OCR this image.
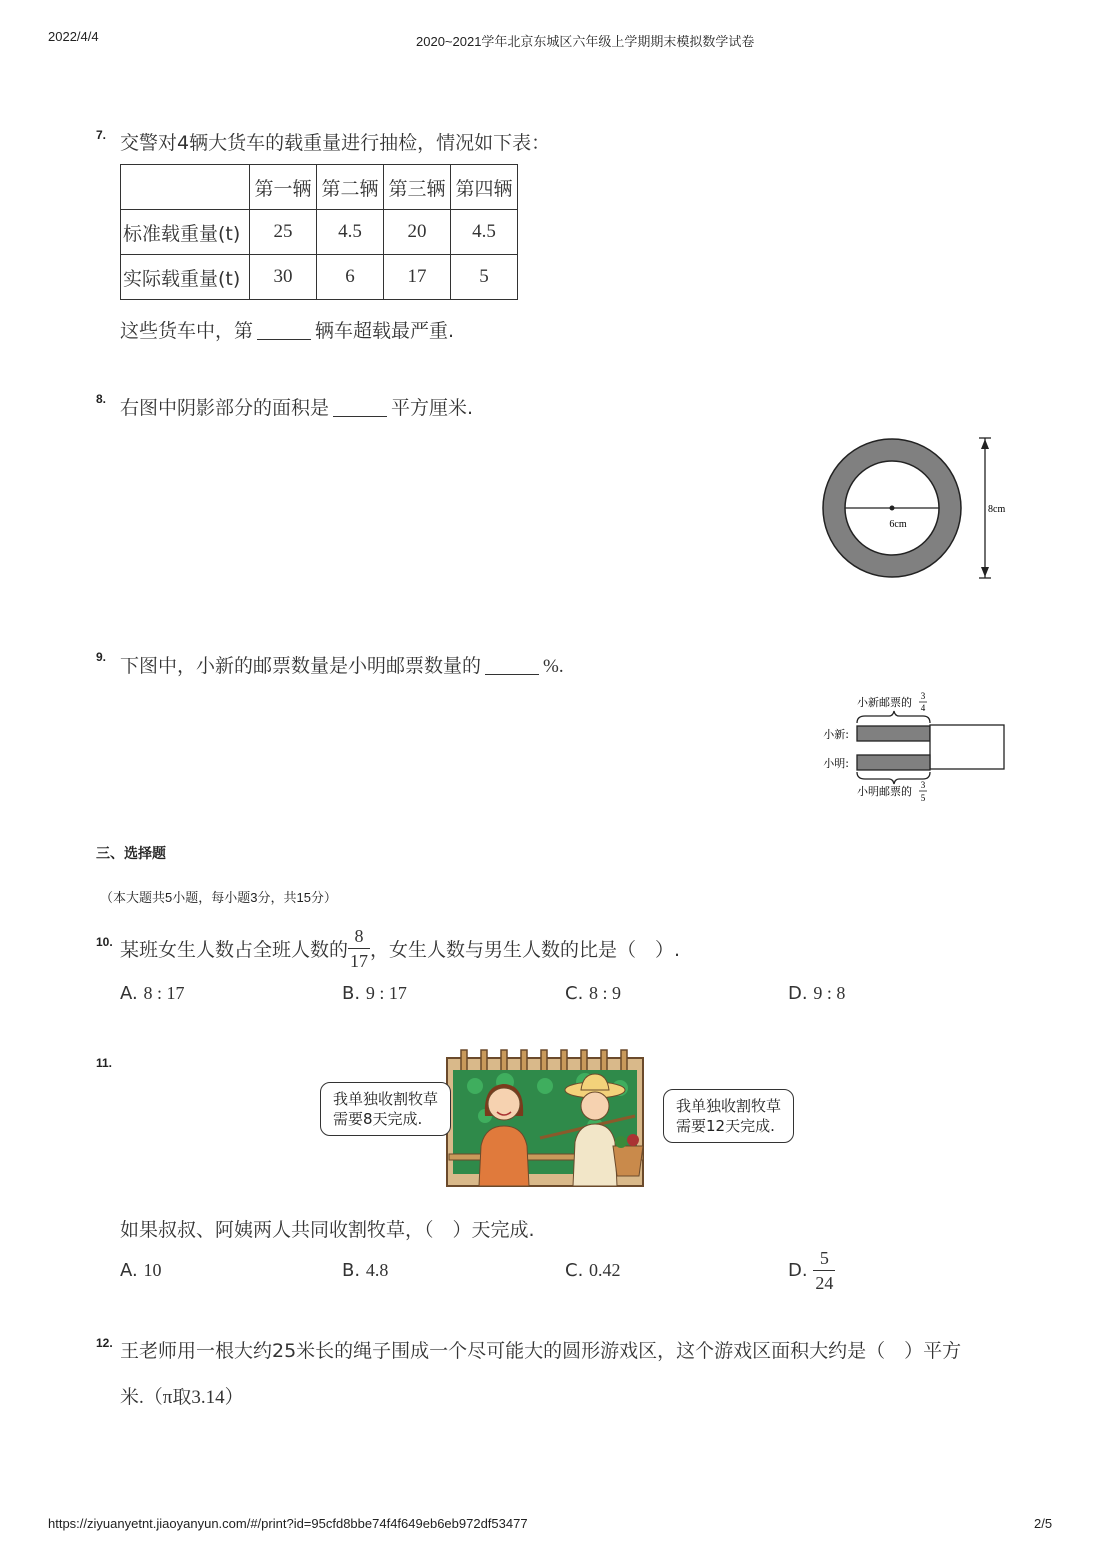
2022/4/4	2020~2021学年北京东城区六年级上学期期末模拟数学试卷
7. 交警对4辆大货车的载重量进行抽检，情况如下表：
	第一辆	第二辆	第三辆	第四辆
标准载重量(t)	25	4.5	20	4.5
实际载重量(t)	30	6	17	5
这些货车中，第	辆车超载最严重.
8. 右图中阴影部分的面积是	平方厘米.
6cm
8cm
9. 下图中，小新的邮票数量是小明邮票数量的	%.
小新邮票的 3
4
小新:
小明:
小明邮票的 3
5
三、选择题
（本大题共5小题，每小题3分，共15分）
10. 某班女生人数占全班人数的 $\frac{8}{17}$ ，女生人数与男生人数的比是（　）.
A. 8 : 17	B. 9 : 17	C. 8 : 9	D. 9 : 8
11.
我单独收割牧草
需要8天完成.
我单独收割牧草
需要12天完成.
如果叔叔、阿姨两人共同收割牧草，（　）天完成.
A. 10	B. 4.8	C. 0.42	D.
$\frac{5}{24}$
12. 王老师用一根大约25米长的绳子围成一个尽可能大的圆形游戏区，这个游戏区面积大约是（　）平方
米.（π取3.14）
https://ziyuanyetnt.jiaoyanyun.com/#/print?id=95cfd8bbe74f4f649eb6eb972df53477	2/5
